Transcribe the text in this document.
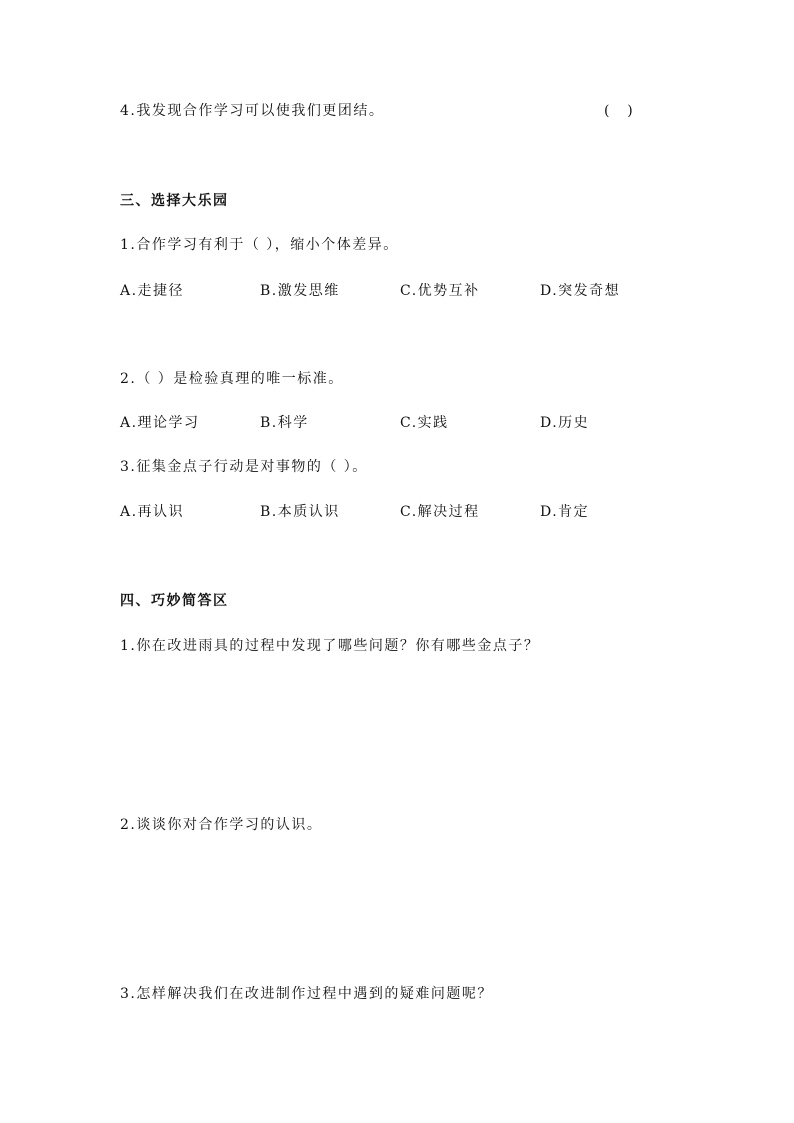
4.我发现合作学习可以使我们更团结。	(    )
三、选择大乐园
1.合作学习有利于（ ），缩小个体差异。
A.走捷径	B.激发思维	C.优势互补	D.突发奇想
2.（ ）是检验真理的唯一标准。
A.理论学习	B.科学	C.实践	D.历史
3.征集金点子行动是对事物的（ ）。
A.再认识	B.本质认识	C.解决过程	D.肯定
四、巧妙简答区
1.你在改进雨具的过程中发现了哪些问题？你有哪些金点子？
2.谈谈你对合作学习的认识。
3.怎样解决我们在改进制作过程中遇到的疑难问题呢？
